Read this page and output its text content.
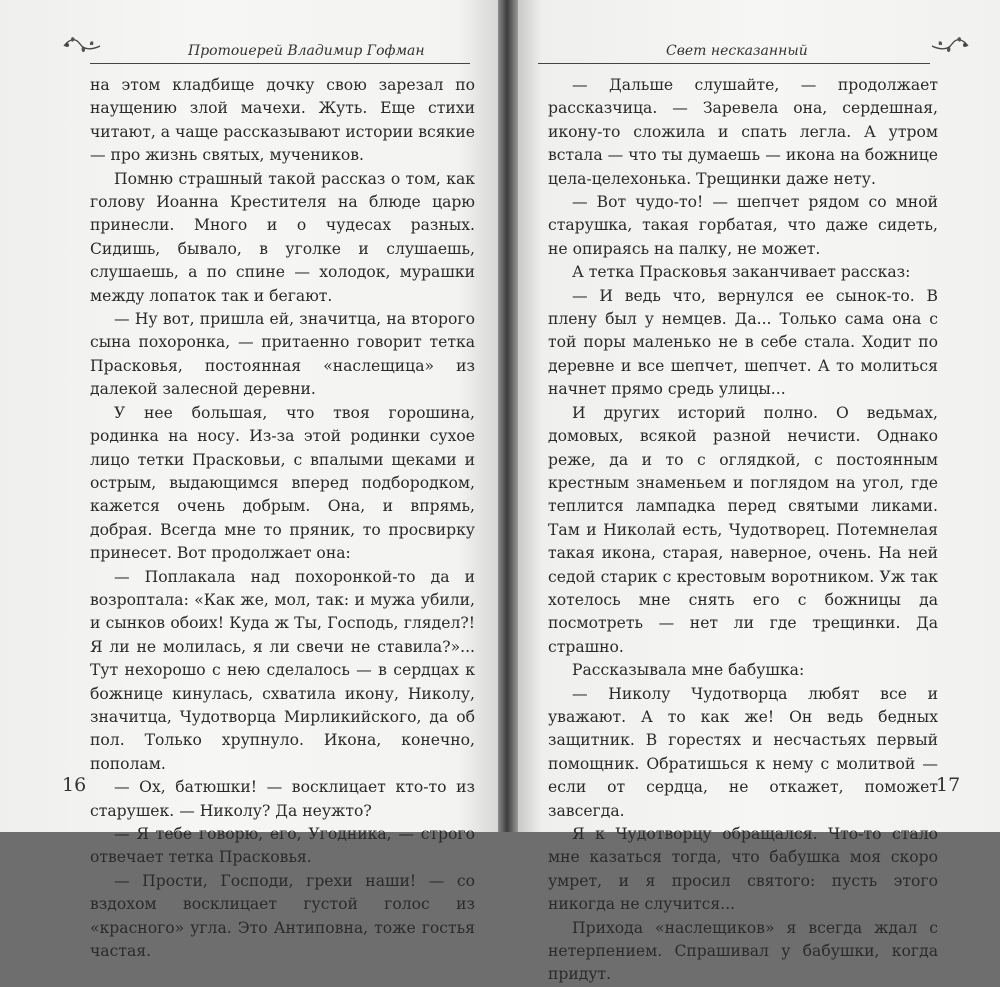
Протоиерей Владимир Гофман
на этом кладбище дочку свою зарезал по наущению злой мачехи. Жуть. Еще стихи читают, а чаще рассказывают истории всякие — про жизнь святых, мучеников.
Помню страшный такой рассказ о том, как голову Иоанна Крестителя на блюде царю принесли. Много и о чудесах разных. Сидишь, бывало, в уголке и слушаешь, слушаешь, а по спине — холодок, мурашки между лопаток так и бегают.
— Ну вот, пришла ей, значитца, на второго сына похоронка, — притаенно говорит тетка Прасковья, постоянная «наслещица» из далекой залесной деревни.
У нее большая, что твоя горошина, родинка на носу. Из-за этой родинки сухое лицо тетки Прасковьи, с впалыми щеками и острым, выдающимся вперед подбородком, кажется очень добрым. Она, и впрямь, добрая. Всегда мне то пряник, то просвирку принесет. Вот продолжает она:
— Поплакала над похоронкой-то да и возроптала: «Как же, мол, так: и мужа убили, и сынков обоих! Куда ж Ты, Господь, глядел?! Я ли не молилась, я ли свечи не ставила?»... Тут нехорошо с нею сделалось — в сердцах к божнице кинулась, схватила икону, Николу, значитца, Чудотворца Мирликийского, да об пол. Только хрупнуло. Икона, конечно, пополам.
— Ох, батюшки! — восклицает кто-то из старушек. — Николу? Да неужто?
— Я тебе говорю, его, Угодника, — строго отвечает тетка Прасковья.
— Прости, Господи, грехи наши! — со вздохом восклицает густой голос из «красного» угла. Это Антиповна, тоже гостья частая.
16
Свет несказанный
— Дальше слушайте, — продолжает рассказчица. — Заревела она, сердешная, икону-то сложила и спать легла. А утром встала — что ты думаешь — икона на божнице цела-целехонька. Трещинки даже нету.
— Вот чудо-то! — шепчет рядом со мной старушка, такая горбатая, что даже сидеть, не опираясь на палку, не может.
А тетка Прасковья заканчивает рассказ:
— И ведь что, вернулся ее сынок-то. В плену был у немцев. Да... Только сама она с той поры маленько не в себе стала. Ходит по деревне и все шепчет, шепчет. А то молиться начнет прямо средь улицы...
И других историй полно. О ведьмах, домовых, всякой разной нечисти. Однако реже, да и то с оглядкой, с постоянным крестным знаменьем и поглядом на угол, где теплится лампадка перед святыми ликами. Там и Николай есть, Чудотворец. Потемнелая такая икона, старая, наверное, очень. На ней седой старик с крестовым воротником. Уж так хотелось мне снять его с божницы да посмотреть — нет ли где трещинки. Да страшно.
Рассказывала мне бабушка:
— Николу Чудотворца любят все и уважают. А то как же! Он ведь бедных защитник. В горестях и несчастьях первый помощник. Обратишься к нему с молитвой — если от сердца, не откажет, поможет завсегда.
Я к Чудотворцу обращался. Что-то стало мне казаться тогда, что бабушка моя скоро умрет, и я просил святого: пусть этого никогда не случится...
Прихода «наслещиков» я всегда ждал с нетерпением. Спрашивал у бабушки, когда придут.
17
